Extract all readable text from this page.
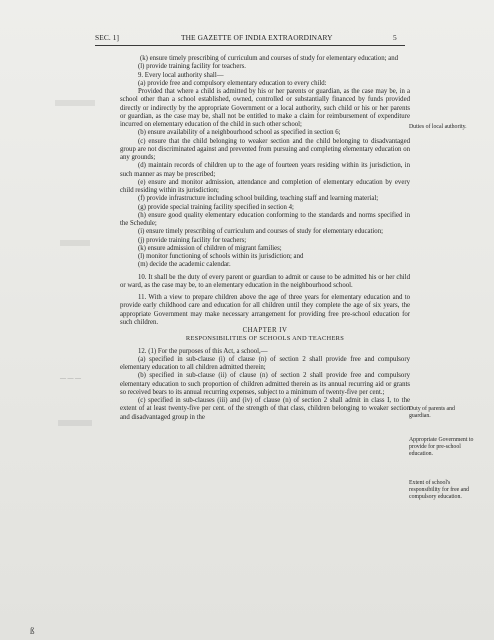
SEC. 1]	THE GAZETTE OF INDIA EXTRAORDINARY	5

(k) ensure timely prescribing of curriculum and courses of study for elementary education; and

(l) provide training facility for teachers.

9. Every local authority shall—

(a) provide free and compulsory elementary education to every child:

Provided that where a child is admitted by his or her parents or guardian, as the case may be, in a school other than a school established, owned, controlled or substantially financed by funds provided directly or indirectly by the appropriate Government or a local authority, such child or his or her parents or guardian, as the case may be, shall not be entitled to make a claim for reimbursement of expenditure incurred on elementary education of the child in such other school;

(b) ensure availability of a neighbourhood school as specified in section 6;

(c) ensure that the child belonging to weaker section and the child belonging to disadvantaged group are not discriminated against and prevented from pursuing and completing elementary education on any grounds;

(d) maintain records of children up to the age of fourteen years residing within its jurisdiction, in such manner as may be prescribed;

(e) ensure and monitor admission, attendance and completion of elementary education by every child residing within its jurisdiction;

(f) provide infrastructure including school building, teaching staff and learning material;

(g) provide special training facility specified in section 4;

(h) ensure good quality elementary education conforming to the standards and norms specified in the Schedule;

(i) ensure timely prescribing of curriculum and courses of study for elementary education;

(j) provide training facility for teachers;

(k) ensure admission of children of migrant families;

(l) monitor functioning of schools within its jurisdiction; and

(m) decide the academic calendar.

10. It shall be the duty of every parent or guardian to admit or cause to be admitted his or her child or ward, as the case may be, to an elementary education in the neighbourhood school.

11. With a view to prepare children above the age of three years for elementary education and to provide early childhood care and education for all children until they complete the age of six years, the appropriate Government may make necessary arrangement for providing free pre-school education for such children.

CHAPTER IV

RESPONSIBILITIES OF SCHOOLS AND TEACHERS

12. (1) For the purposes of this Act, a school,—

(a) specified in sub-clause (i) of clause (n) of section 2 shall provide free and compulsory elementary education to all children admitted therein;

(b) specified in sub-clause (ii) of clause (n) of section 2 shall provide free and compulsory elementary education to such proportion of children admitted therein as its annual recurring aid or grants so received bears to its annual recurring expenses, subject to a minimum of twenty-five per cent.;

(c) specified in sub-clauses (iii) and (iv) of clause (n) of section 2 shall admit in class I, to the extent of at least twenty-five per cent. of the strength of that class, children belonging to weaker section and disadvantaged group in the

Duties of local authority.
Duty of parents and guardian.
Appropriate Government to provide for pre-school education.
Extent of school's responsibility for free and compulsory education.
— — —
ß
